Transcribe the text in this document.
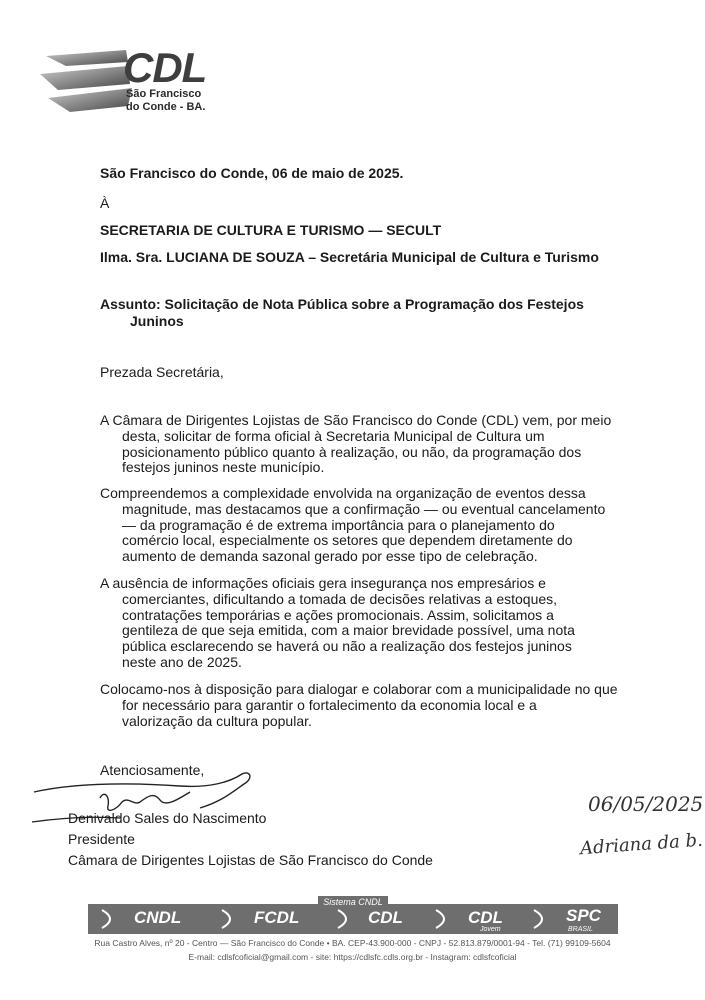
CDL
São Francisco
do Conde - BA.
São Francisco do Conde, 06 de maio de 2025.
À
SECRETARIA DE CULTURA E TURISMO — SECULT
Ilma. Sra. LUCIANA DE SOUZA – Secretária Municipal de Cultura e Turismo
Assunto: Solicitação de Nota Pública sobre a Programação dos Festejos
Juninos
Prezada Secretária,
A Câmara de Dirigentes Lojistas de São Francisco do Conde (CDL) vem, por meio
desta, solicitar de forma oficial à Secretaria Municipal de Cultura um
posicionamento público quanto à realização, ou não, da programação dos
festejos juninos neste município.
Compreendemos a complexidade envolvida na organização de eventos dessa
magnitude, mas destacamos que a confirmação — ou eventual cancelamento
— da programação é de extrema importância para o planejamento do
comércio local, especialmente os setores que dependem diretamente do
aumento de demanda sazonal gerado por esse tipo de celebração.
A ausência de informações oficiais gera insegurança nos empresários e
comerciantes, dificultando a tomada de decisões relativas a estoques,
contratações temporárias e ações promocionais. Assim, solicitamos a
gentileza de que seja emitida, com a maior brevidade possível, uma nota
pública esclarecendo se haverá ou não a realização dos festejos juninos
neste ano de 2025.
Colocamo-nos à disposição para dialogar e colaborar com a municipalidade no que
for necessário para garantir o fortalecimento da economia local e a
valorização da cultura popular.
Atenciosamente,
Denivaldo Sales do Nascimento
Presidente
Câmara de Dirigentes Lojistas de São Francisco do Conde
06/05/2025
Adriana da b.
Sistema CNDL
CNDL	FCDL	CDL	CDL
Jovem
SPC
BRASIL
Rua Castro Alves, nº 20 - Centro — São Francisco do Conde • BA. CEP-43.900-000 - CNPJ - 52.813.879/0001-94 - Tel. (71) 99109-5604
E-mail: cdlsfcoficial@gmail.com - site: https://cdlsfc.cdls.org.br - Instagram: cdlsfcoficial
